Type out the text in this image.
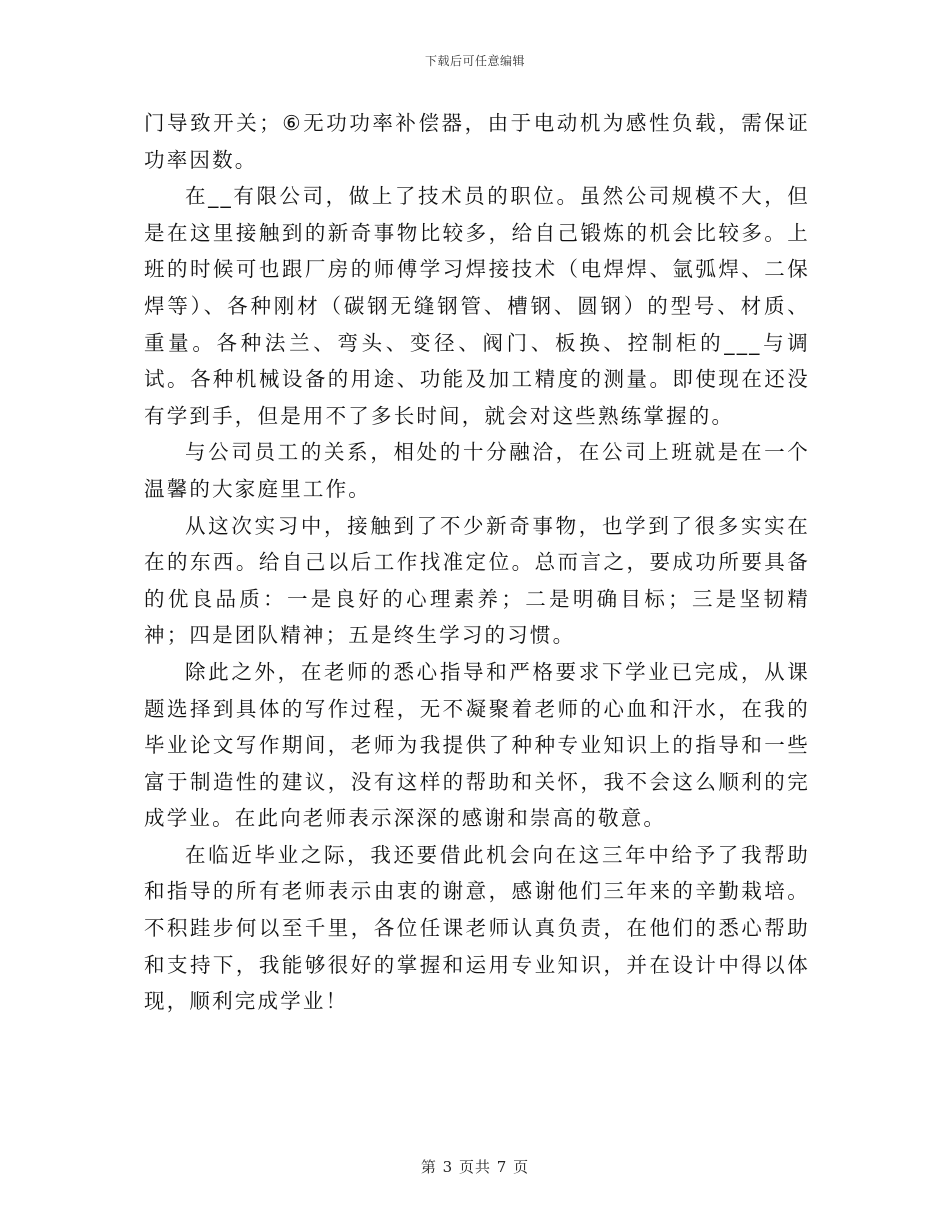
下载后可任意编辑

门导致开关；⑥无功功率补偿器，由于电动机为感性负载，需保证功率因数。

在__有限公司，做上了技术员的职位。虽然公司规模不大，但是在这里接触到的新奇事物比较多，给自己锻炼的机会比较多。上班的时候可也跟厂房的师傅学习焊接技术（电焊焊、氩弧焊、二保焊等）、各种刚材（碳钢无缝钢管、槽钢、圆钢）的型号、材质、重量。各种法兰、弯头、变径、阀门、板换、控制柜的___与调试。各种机械设备的用途、功能及加工精度的测量。即使现在还没有学到手，但是用不了多长时间，就会对这些熟练掌握的。

与公司员工的关系，相处的十分融洽，在公司上班就是在一个温馨的大家庭里工作。

从这次实习中，接触到了不少新奇事物，也学到了很多实实在在的东西。给自己以后工作找准定位。总而言之，要成功所要具备的优良品质：一是良好的心理素养；二是明确目标；三是坚韧精神；四是团队精神；五是终生学习的习惯。

除此之外，在老师的悉心指导和严格要求下学业已完成，从课题选择到具体的写作过程，无不凝聚着老师的心血和汗水，在我的毕业论文写作期间，老师为我提供了种种专业知识上的指导和一些富于制造性的建议，没有这样的帮助和关怀，我不会这么顺利的完成学业。在此向老师表示深深的感谢和崇高的敬意。

在临近毕业之际，我还要借此机会向在这三年中给予了我帮助和指导的所有老师表示由衷的谢意，感谢他们三年来的辛勤栽培。不积跬步何以至千里，各位任课老师认真负责，在他们的悉心帮助和支持下，我能够很好的掌握和运用专业知识，并在设计中得以体现，顺利完成学业！

第 3 页共 7 页
